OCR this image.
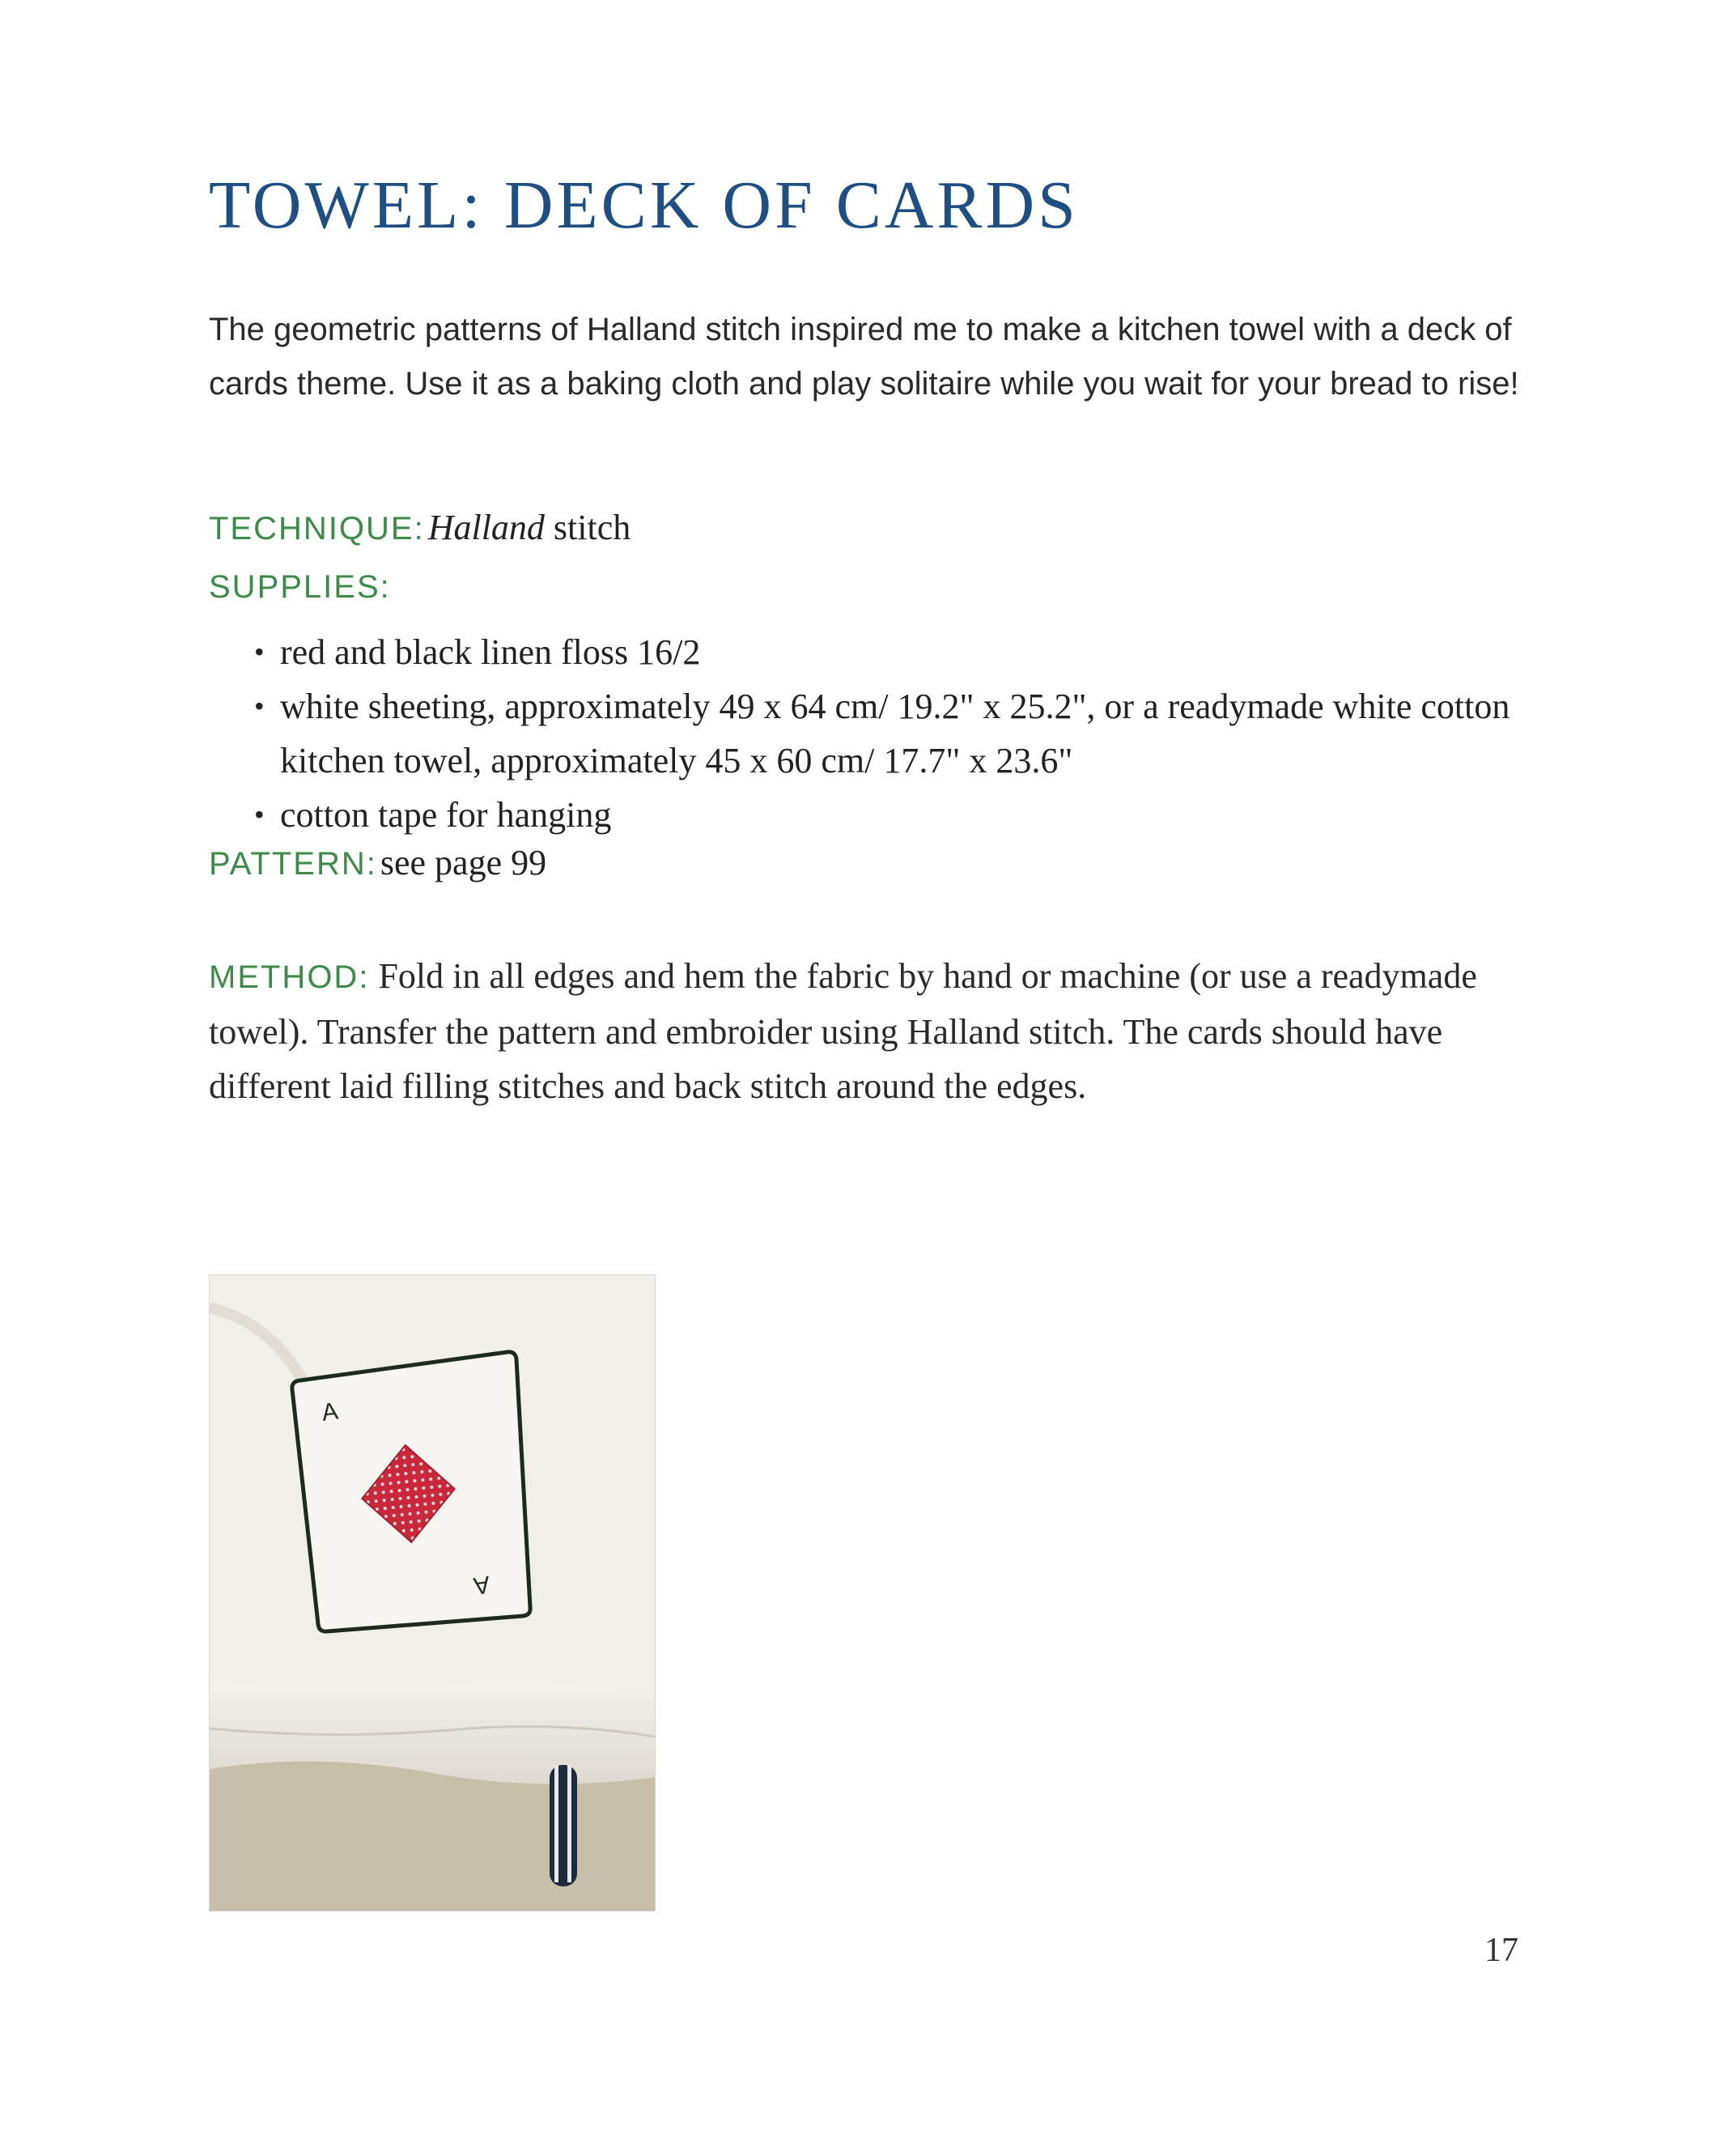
TOWEL: DECK OF CARDS

The geometric patterns of Halland stitch inspired me to make a kitchen towel with a deck of cards theme. Use it as a baking cloth and play solitaire while you wait for your bread to rise!

TECHNIQUE: Halland stitch

SUPPLIES:

• red and black linen floss 16/2
• white sheeting, approximately 49 x 64 cm/ 19.2" x 25.2", or a readymade white cotton kitchen towel, approximately 45 x 60 cm/ 17.7" x 23.6"
• cotton tape for hanging

PATTERN: see page 99

METHOD: Fold in all edges and hem the fabric by hand or machine (or use a readymade towel). Transfer the pattern and embroider using Halland stitch. The cards should have different laid filling stitches and back stitch around the edges.

A
A

17
